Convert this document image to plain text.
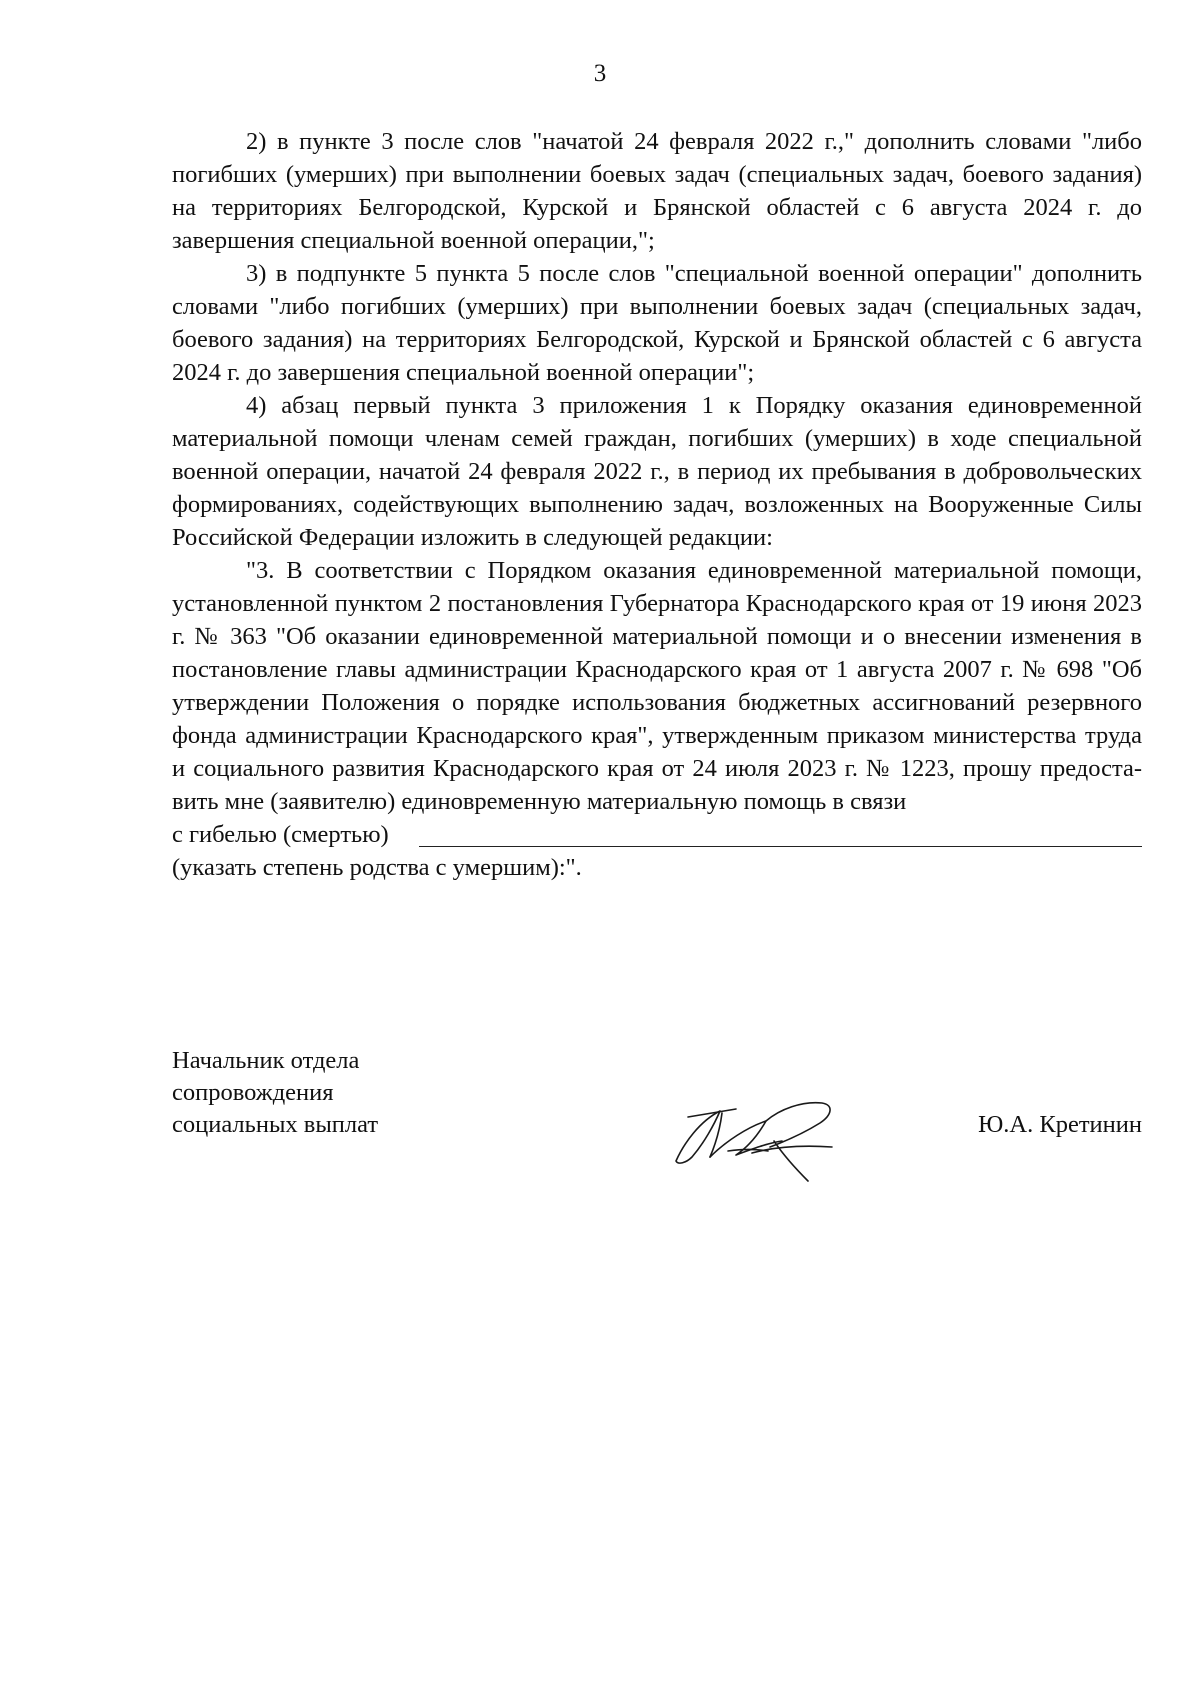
3

2) в пункте 3 после слов "начатой 24 февраля 2022 г.," дополнить словами "либо погибших (умерших) при выполнении боевых задач (специальных задач, боевого задания) на территориях Белгородской, Курской и Брянской областей с 6 августа 2024 г. до завершения специальной военной операции,";

3) в подпункте 5 пункта 5 после слов "специальной военной операции" дополнить словами "либо погибших (умерших) при выполнении боевых задач (специальных задач, боевого задания) на территориях Белгородской, Курской и Брянской областей с 6 августа 2024 г. до завершения специальной военной операции";

4) абзац первый пункта 3 приложения 1 к Порядку оказания единовременной материальной помощи членам семей граждан, погибших (умерших) в ходе специальной военной операции, начатой 24 февраля 2022 г., в период их пребывания в добровольческих формированиях, содействующих выполнению задач, возложенных на Вооруженные Силы Российской Федерации изложить в следующей редакции:

"3. В соответствии с Порядком оказания единовременной материальной помощи, установленной пунктом 2 постановления Губернатора Краснодарского края от 19 июня 2023 г. № 363 "Об оказании единовременной материальной помощи и о внесении изменения в постановление главы администрации Краснодарского края от 1 августа 2007 г. № 698 "Об утверждении Положения о порядке использования бюджетных ассигнований резервного фонда администрации Краснодарского края", утвержденным приказом министерства труда и социального развития Краснодарского края от 24 июля 2023 г. № 1223, прошу предоставить мне (заявителю) единовременную материальную помощь в связи

с гибелью (смертью)

(указать степень родства с умершим):".

Начальник отдела
сопровождения
социальных выплат	Ю.А. Кретинин
